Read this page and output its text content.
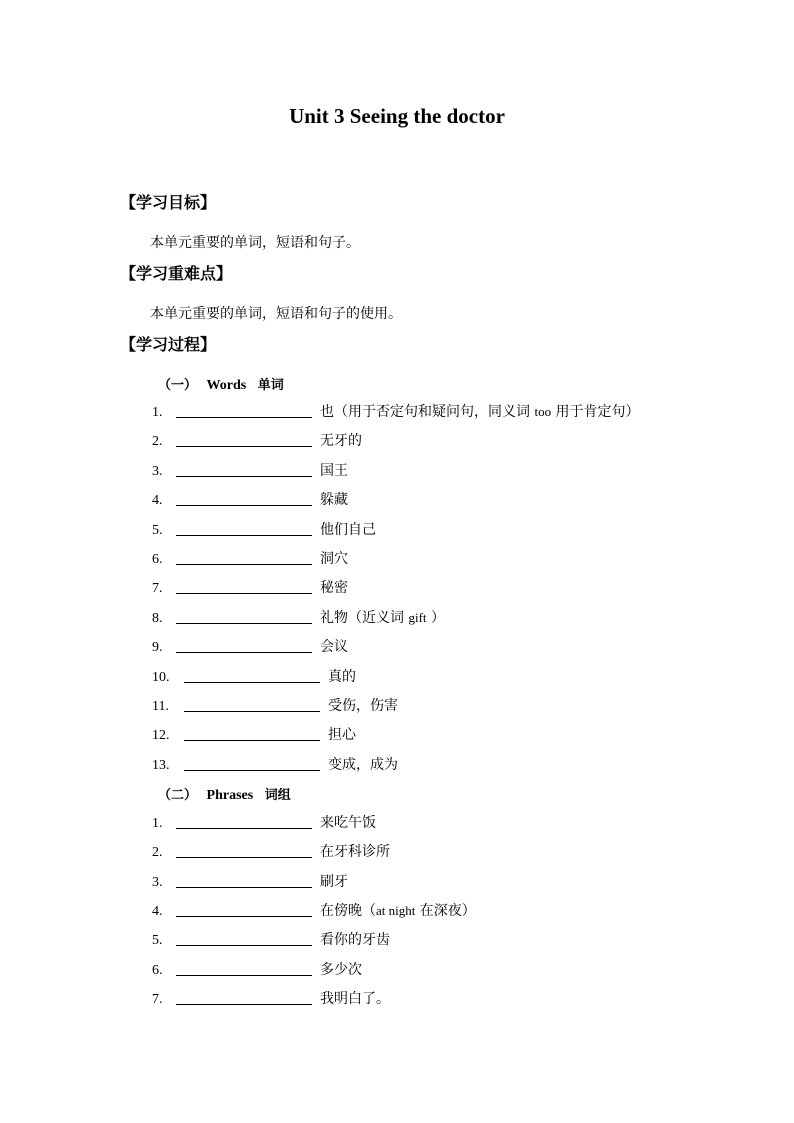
Unit 3 Seeing the doctor
【学习目标】
本单元重要的单词，短语和句子。
【学习重难点】
本单元重要的单词，短语和句子的使用。
【学习过程】
（一） Words 单词
1.	也（用于否定句和疑问句，同义词 too 用于肯定句）
2.	无牙的
3.	国王
4.	躲藏
5.	他们自己
6.	洞穴
7.	秘密
8.	礼物（近义词 gift ）
9.	会议
10.	真的
11.	受伤，伤害
12.	担心
13.	变成，成为
（二） Phrases 词组
1.	来吃午饭
2.	在牙科诊所
3.	刷牙
4.	在傍晚（at night 在深夜）
5.	看你的牙齿
6.	多少次
7.	我明白了。
